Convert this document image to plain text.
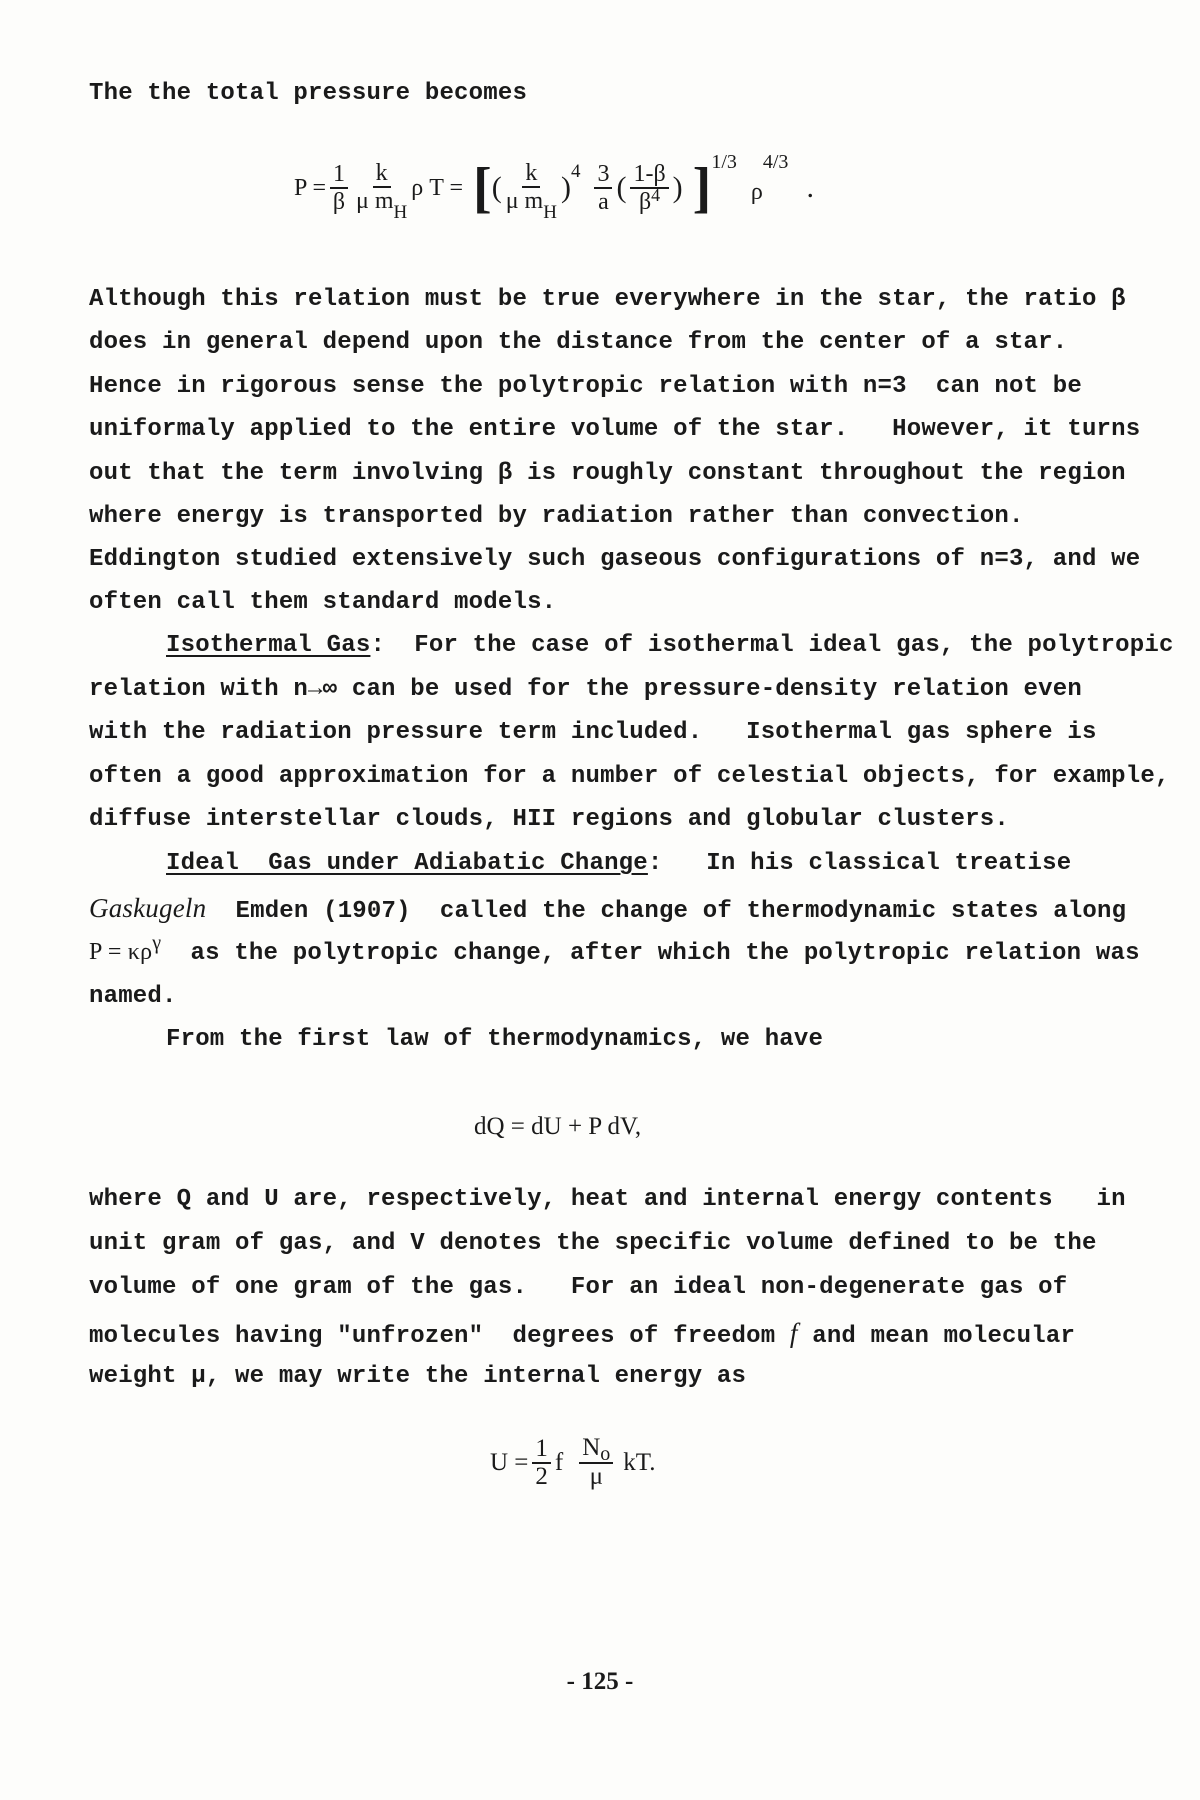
The the total pressure becomes
$P = \frac{1}{\beta} \frac{k}{\mu m_H}$ ρ T = [ ( $\frac{k}{\mu m_H}$ ) $4 \frac{3}{a}$ ( $\frac{1-\beta}{\beta^4}$ ) ] 1/3
ρ
4/3
.
Although this relation must be true everywhere in the star, the ratio β
does in general depend upon the distance from the center of a star.
Hence in rigorous sense the polytropic relation with n=3  can not be
uniformaly applied to the entire volume of the star.   However, it turns
out that the term involving β is roughly constant throughout the region
where energy is transported by radiation rather than convection.
Eddington studied extensively such gaseous configurations of n=3, and we
often call them standard models.
Isothermal Gas:  For the case of isothermal ideal gas, the polytropic
relation with n→∞ can be used for the pressure-density relation even
with the radiation pressure term included.   Isothermal gas sphere is
often a good approximation for a number of celestial objects, for example,
diffuse interstellar clouds, HII regions and globular clusters.
Ideal  Gas under Adiabatic Change:   In his classical treatise
Gaskugeln  Emden (1907)  called the change of thermodynamic states along
$P = \kappa\rho^\gamma$  as the polytropic change, after which the polytropic relation was
named.
From the first law of thermodynamics, we have
dQ = dU + P dV,
where Q and U are, respectively, heat and internal energy contents   in
unit gram of gas, and V denotes the specific volume defined to be the
volume of one gram of the gas.   For an ideal non-degenerate gas of
molecules having "unfrozen"  degrees of freedom f and mean molecular
weight μ, we may write the internal energy as
$U = \frac{1}{2}$ f $\frac{N_o}{\mu}$ kT.
- 125 -
